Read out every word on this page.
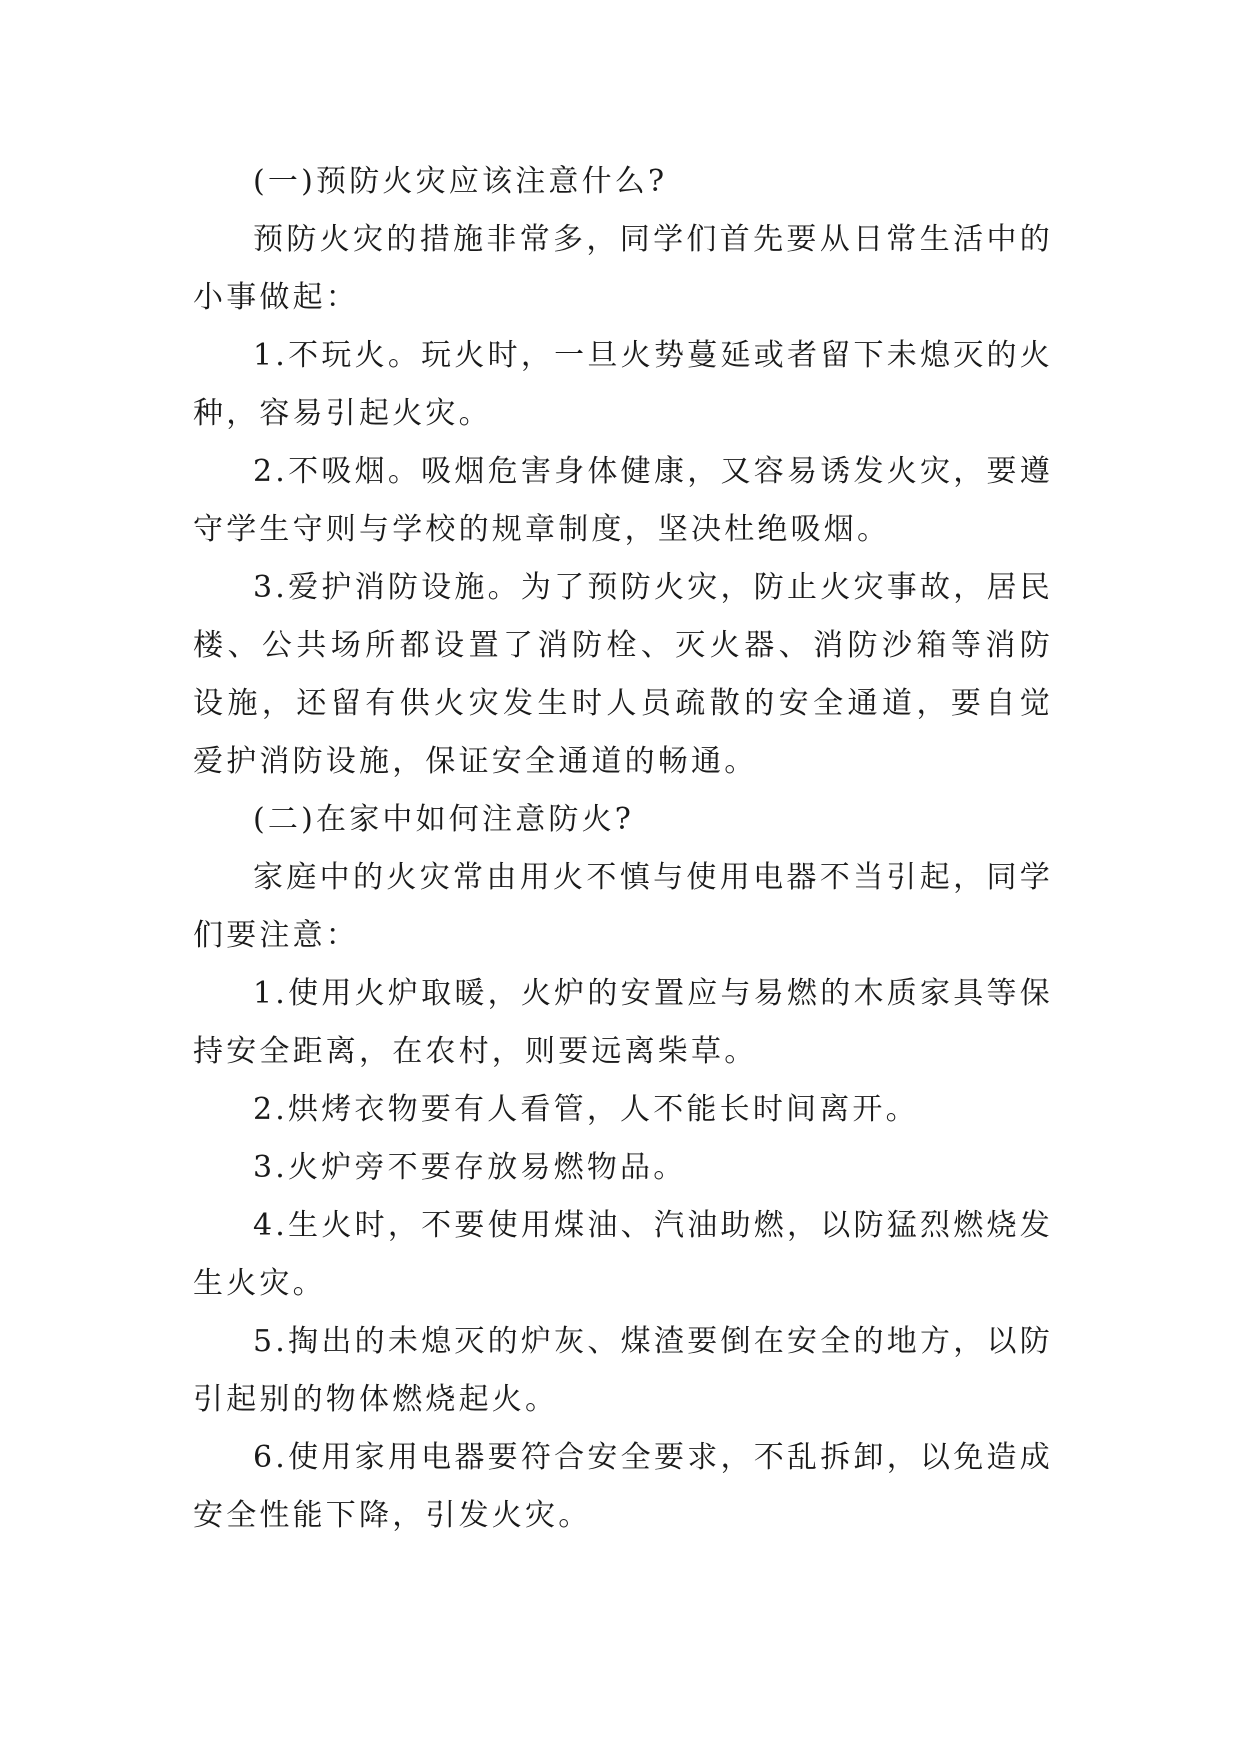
(一)预防火灾应该注意什么?

预防火灾的措施非常多，同学们首先要从日常生活中的小事做起：

1.不玩火。玩火时，一旦火势蔓延或者留下未熄灭的火种，容易引起火灾。

2.不吸烟。吸烟危害身体健康，又容易诱发火灾，要遵守学生守则与学校的规章制度，坚决杜绝吸烟。

3.爱护消防设施。为了预防火灾，防止火灾事故，居民楼、公共场所都设置了消防栓、灭火器、消防沙箱等消防设施，还留有供火灾发生时人员疏散的安全通道，要自觉爱护消防设施，保证安全通道的畅通。

(二)在家中如何注意防火?

家庭中的火灾常由用火不慎与使用电器不当引起，同学们要注意：

1.使用火炉取暖，火炉的安置应与易燃的木质家具等保持安全距离，在农村，则要远离柴草。

2.烘烤衣物要有人看管，人不能长时间离开。

3.火炉旁不要存放易燃物品。

4.生火时，不要使用煤油、汽油助燃，以防猛烈燃烧发生火灾。

5.掏出的未熄灭的炉灰、煤渣要倒在安全的地方，以防引起别的物体燃烧起火。

6.使用家用电器要符合安全要求，不乱拆卸，以免造成安全性能下降，引发火灾。
